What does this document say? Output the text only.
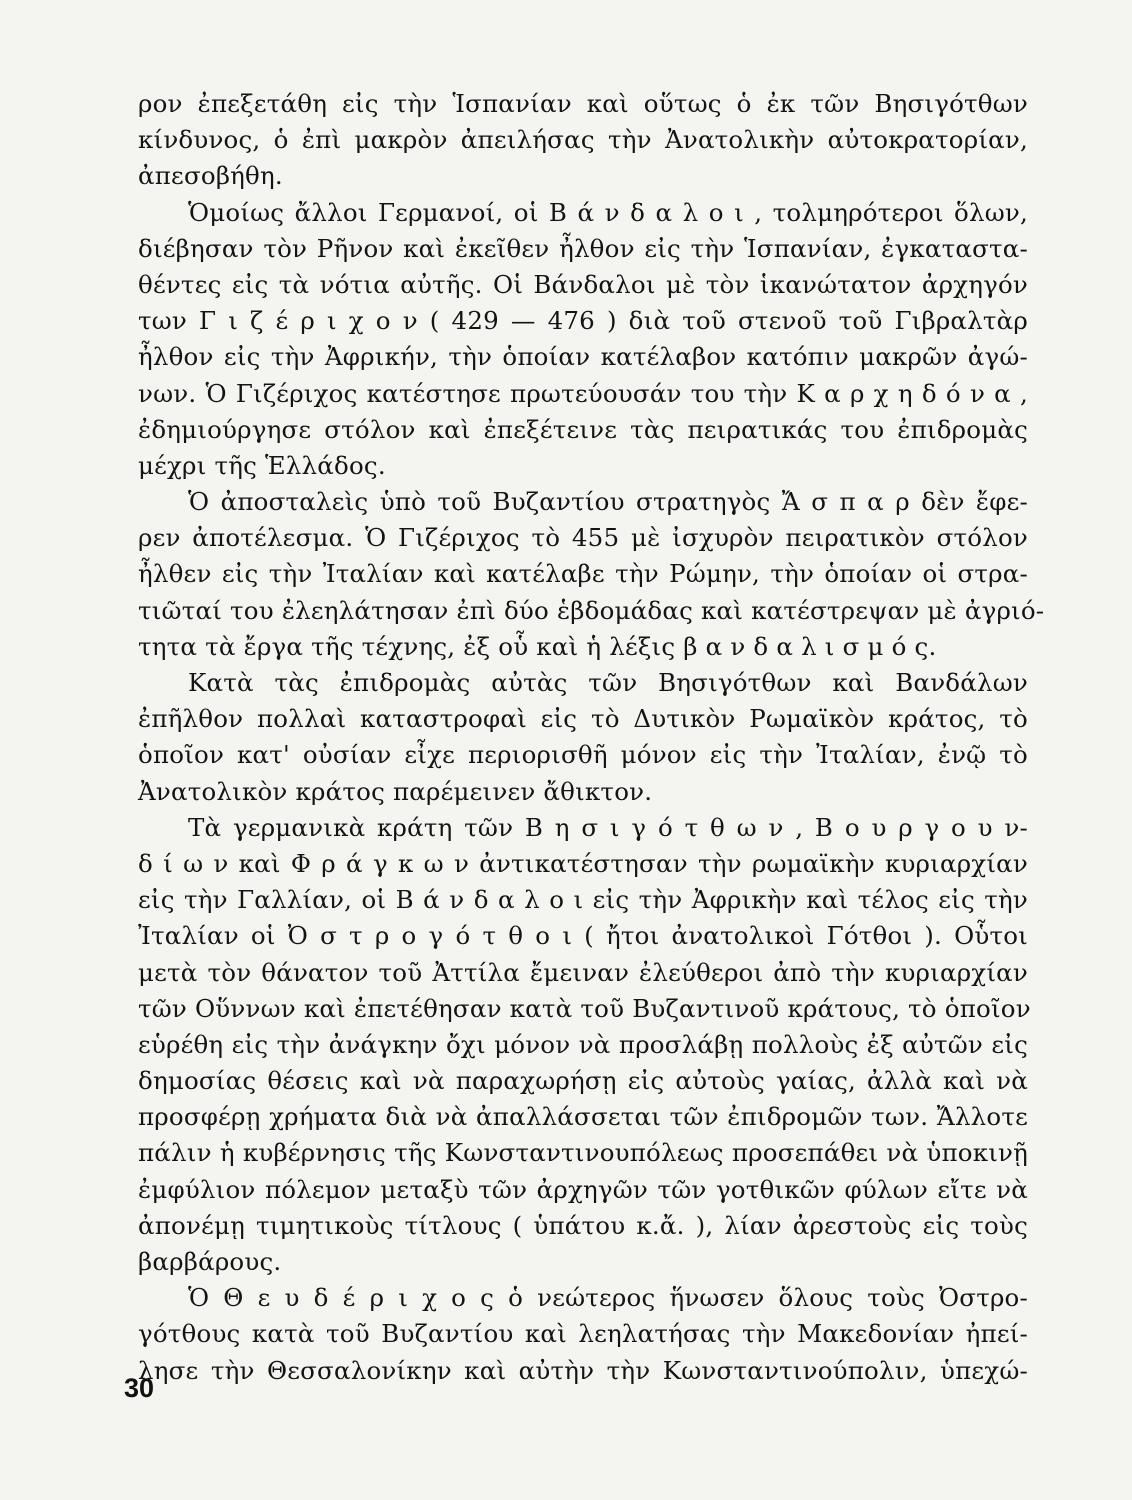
ρον ἐπεξετάθη εἰς τὴν Ἱσπανίαν καὶ οὕτως ὁ ἐκ τῶν Βησιγότθων
κίνδυνος, ὁ ἐπὶ μακρὸν ἀπειλήσας τὴν Ἀνατολικὴν αὐτοκρατορίαν,
ἀπεσοβήθη.
Ὁμοίως ἄλλοι Γερμανοί, οἱ Β ά ν δ α λ ο ι , τολμηρότεροι ὅλων,
διέβησαν τὸν Ρῆνον καὶ ἐκεῖθεν ἦλθον εἰς τὴν Ἱσπανίαν, ἐγκαταστα-
θέντες εἰς τὰ νότια αὐτῆς. Οἱ Βάνδαλοι μὲ τὸν ἱκανώτατον ἀρχηγόν
των Γ ι ζ έ ρ ι χ ο ν ( 429 — 476 ) διὰ τοῦ στενοῦ τοῦ Γιβραλτὰρ
ἦλθον εἰς τὴν Ἀφρικήν, τὴν ὁποίαν κατέλαβον κατόπιν μακρῶν ἀγώ-
νων. Ὁ Γιζέριχος κατέστησε πρωτεύουσάν του τὴν Κ α ρ χ η δ ό ν α ,
ἐδημιούργησε στόλον καὶ ἐπεξέτεινε τὰς πειρατικάς του ἐπιδρομὰς
μέχρι τῆς Ἑλλάδος.
Ὁ ἀποσταλεὶς ὑπὸ τοῦ Βυζαντίου στρατηγὸς Ἄ σ π α ρ δὲν ἔφε-
ρεν ἀποτέλεσμα. Ὁ Γιζέριχος τὸ 455 μὲ ἰσχυρὸν πειρατικὸν στόλον
ἦλθεν εἰς τὴν Ἰταλίαν καὶ κατέλαβε τὴν Ρώμην, τὴν ὁποίαν οἱ στρα-
τιῶταί του ἐλεηλάτησαν ἐπὶ δύο ἑβδομάδας καὶ κατέστρεψαν μὲ ἀγριό-
τητα τὰ ἔργα τῆς τέχνης, ἐξ οὗ καὶ ἡ λέξις β α ν δ α λ ι σ μ ό ς.
Κατὰ τὰς ἐπιδρομὰς αὐτὰς τῶν Βησιγότθων καὶ Βανδάλων
ἐπῆλθον πολλαὶ καταστροφαὶ εἰς τὸ Δυτικὸν Ρωμαϊκὸν κράτος, τὸ
ὁποῖον κατ' οὐσίαν εἶχε περιορισθῆ μόνον εἰς τὴν Ἰταλίαν, ἐνῷ τὸ
Ἀνατολικὸν κράτος παρέμεινεν ἄθικτον.
Τὰ γερμανικὰ κράτη τῶν Β η σ ι γ ό τ θ ω ν , Β ο υ ρ γ ο υ ν-
δ ί ω ν καὶ Φ ρ ά γ κ ω ν ἀντικατέστησαν τὴν ρωμαϊκὴν κυριαρχίαν
εἰς τὴν Γαλλίαν, οἱ Β ά ν δ α λ ο ι εἰς τὴν Ἀφρικὴν καὶ τέλος εἰς τὴν
Ἰταλίαν οἱ Ὀ σ τ ρ ο γ ό τ θ ο ι ( ἤτοι ἀνατολικοὶ Γότθοι ). Οὗτοι
μετὰ τὸν θάνατον τοῦ Ἀττίλα ἔμειναν ἐλεύθεροι ἀπὸ τὴν κυριαρχίαν
τῶν Οὕννων καὶ ἐπετέθησαν κατὰ τοῦ Βυζαντινοῦ κράτους, τὸ ὁποῖον
εὑρέθη εἰς τὴν ἀνάγκην ὄχι μόνον νὰ προσλάβῃ πολλοὺς ἐξ αὐτῶν εἰς
δημοσίας θέσεις καὶ νὰ παραχωρήσῃ εἰς αὐτοὺς γαίας, ἀλλὰ καὶ νὰ
προσφέρῃ χρήματα διὰ νὰ ἀπαλλάσσεται τῶν ἐπιδρομῶν των. Ἄλλοτε
πάλιν ἡ κυβέρνησις τῆς Κωνσταντινουπόλεως προσεπάθει νὰ ὑποκινῇ
ἐμφύλιον πόλεμον μεταξὺ τῶν ἀρχηγῶν τῶν γοτθικῶν φύλων εἴτε νὰ
ἀπονέμῃ τιμητικοὺς τίτλους ( ὑπάτου κ.ἄ. ), λίαν ἀρεστοὺς εἰς τοὺς
βαρβάρους.
Ὁ Θ ε υ δ έ ρ ι χ ο ς ὁ νεώτερος ἥνωσεν ὅλους τοὺς Ὀστρο-
γότθους κατὰ τοῦ Βυζαντίου καὶ λεηλατήσας τὴν Μακεδονίαν ἠπεί-
λησε τὴν Θεσσαλονίκην καὶ αὐτὴν τὴν Κωνσταντινούπολιν, ὑπεχώ-
30
